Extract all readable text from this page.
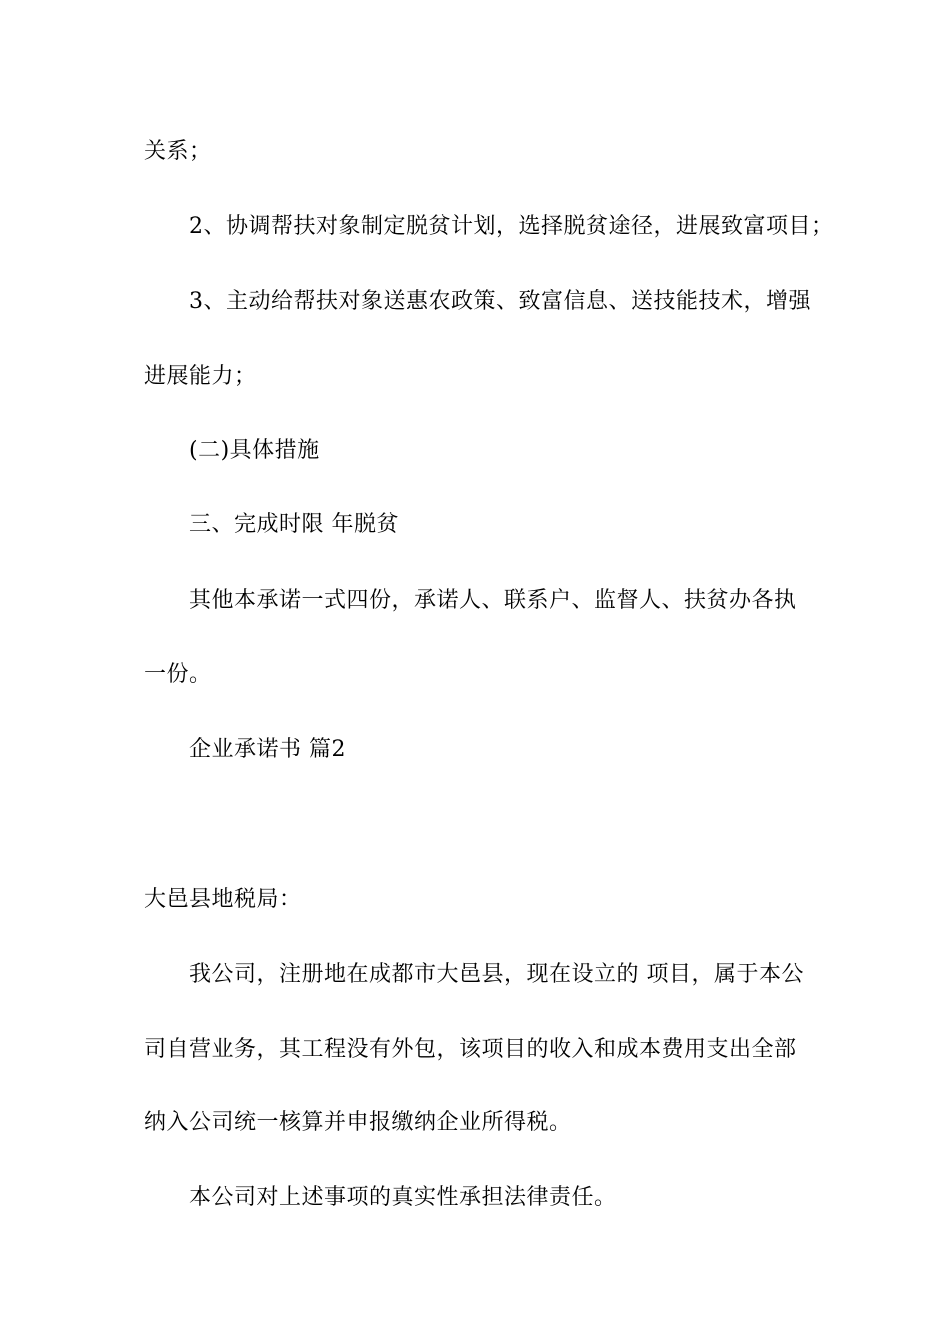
关系；
2、协调帮扶对象制定脱贫计划，选择脱贫途径，进展致富项目；
3、主动给帮扶对象送惠农政策、致富信息、送技能技术，增强
进展能力；
(二)具体措施
三、完成时限 年脱贫
其他本承诺一式四份，承诺人、联系户、监督人、扶贫办各执
一份。
企业承诺书 篇2
大邑县地税局：
我公司，注册地在成都市大邑县，现在设立的 项目，属于本公
司自营业务，其工程没有外包，该项目的收入和成本费用支出全部
纳入公司统一核算并申报缴纳企业所得税。
本公司对上述事项的真实性承担法律责任。
